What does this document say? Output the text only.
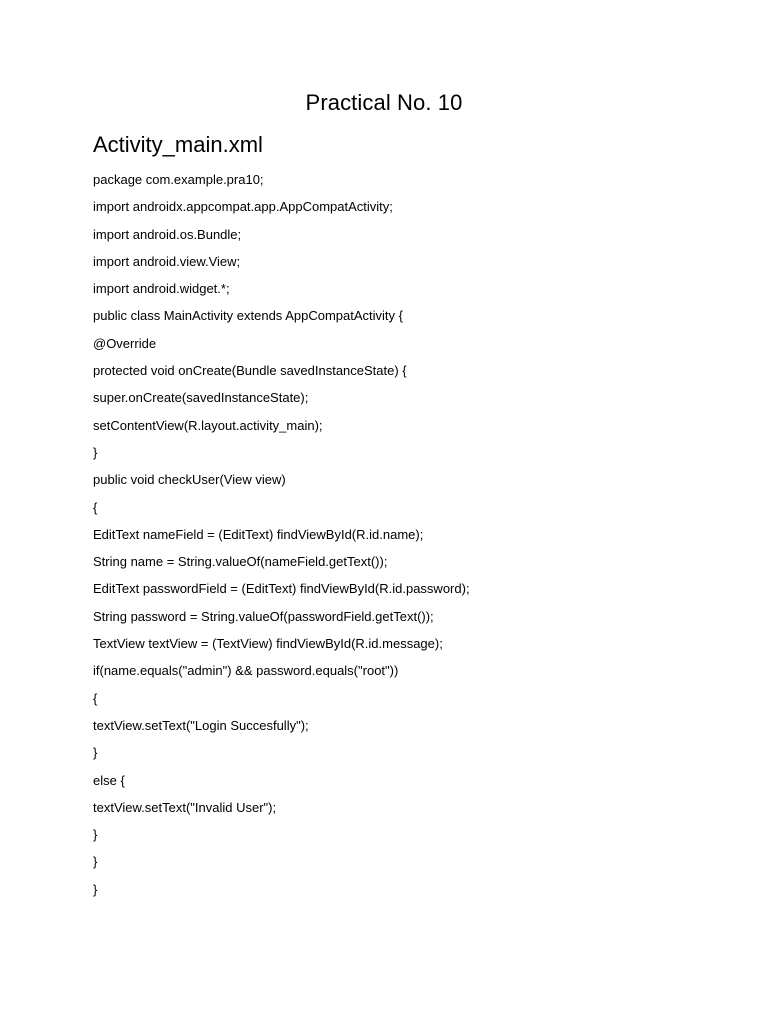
Practical No. 10
Activity_main.xml
package com.example.pra10;
import androidx.appcompat.app.AppCompatActivity;
import android.os.Bundle;
import android.view.View;
import android.widget.*;
public class MainActivity extends AppCompatActivity {
@Override
protected void onCreate(Bundle savedInstanceState) {
super.onCreate(savedInstanceState);
setContentView(R.layout.activity_main);
}
public void checkUser(View view)
{
EditText nameField = (EditText) findViewById(R.id.name);
String name = String.valueOf(nameField.getText());
EditText passwordField = (EditText) findViewById(R.id.password);
String password = String.valueOf(passwordField.getText());
TextView textView = (TextView) findViewById(R.id.message);
if(name.equals("admin") && password.equals("root"))
{
textView.setText("Login Succesfully");
}
else {
textView.setText("Invalid User");
}
}
}
